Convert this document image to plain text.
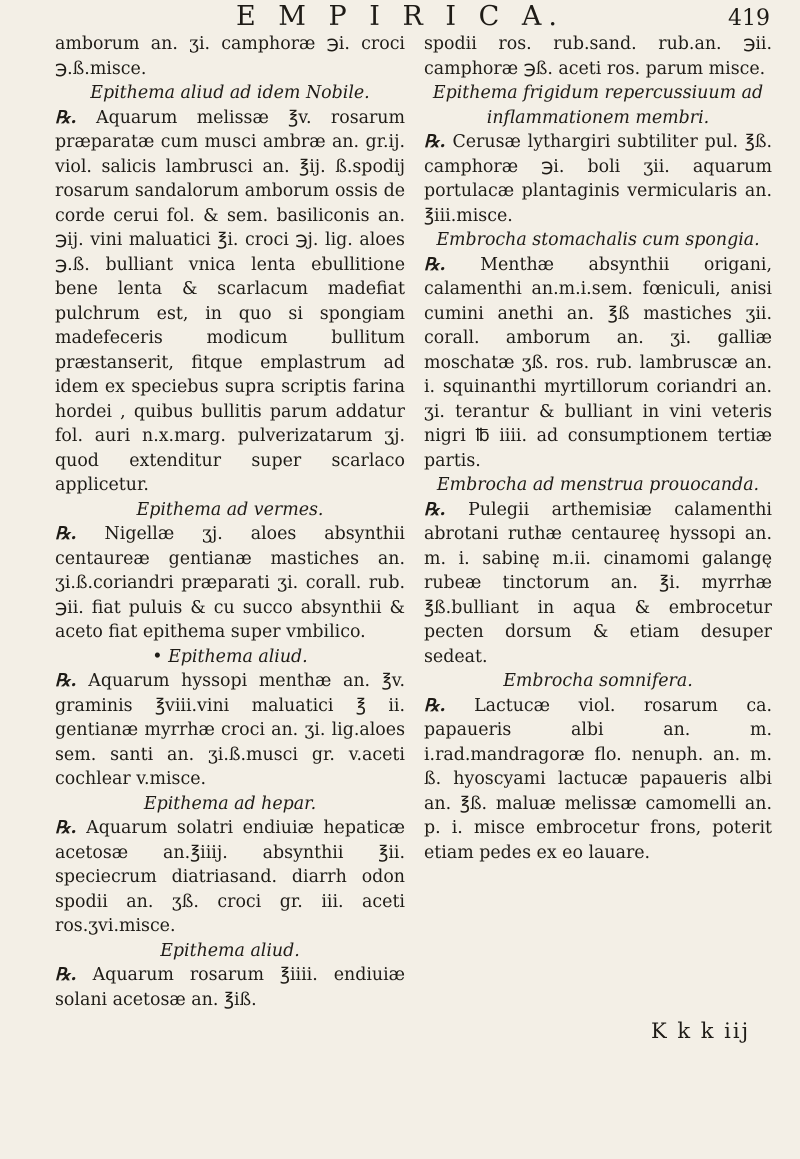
E M P I R I C A.	419

amborum an. ʒi. camphoræ ℈i. croci ℈.ß.misce.

Epithema aliud ad idem Nobile.

℞. Aquarum melissæ ℥v. rosarum præparatæ cum musci ambræ an. gr.ij. viol. salicis lambrusci an. ℥ij. ß.spodij rosarum sandalorum amborum ossis de corde cerui fol. & sem. basiliconis an. ℈ij. vini maluatici ℥i. croci ℈j. lig. aloes ℈.ß. bulliant vnica lenta ebullitione bene lenta & scarlacum madefiat pulchrum est, in quo si spongiam madefeceris modicum bullitum præstanserit, fitque emplastrum ad idem ex speciebus supra scriptis farina hordei , quibus bullitis parum addatur fol. auri n.x.marg. pulverizatarum ʒj. quod extenditur super scarlaco applicetur.

Epithema ad vermes.

℞. Nigellæ ʒj. aloes absynthii centaureæ gentianæ mastiches an. ʒi.ß.coriandri præparati ʒi. corall. rub. ℈ii. fiat puluis & cu succo absynthii & aceto fiat epithema super vmbilico.

• Epithema aliud.

℞. Aquarum hyssopi menthæ an. ℥v. graminis ℥viii.vini maluatici ℥ ii. gentianæ myrrhæ croci an. ʒi. lig.aloes sem. santi an. ʒi.ß.musci gr. v.aceti cochlear v.misce.

Epithema ad hepar.

℞. Aquarum solatri endiuiæ hepaticæ acetosæ an.℥iiij. absynthii ℥ii. speciecrum diatriasand. diarrh odon spodii an. ʒß. croci gr. iii. aceti ros.ʒvi.misce.

Epithema aliud.

℞. Aquarum rosarum ℥iiii. endiuiæ solani acetosæ an. ℥iß.

spodii ros. rub.sand. rub.an. ℈ii. camphoræ ℈ß. aceti ros. parum misce.

Epithema frigidum repercussiuum ad inflammationem membri.

℞. Cerusæ lythargiri subtiliter pul. ℥ß. camphoræ ℈i. boli ʒii. aquarum portulacæ plantaginis vermicularis an. ℥iii.misce.

Embrocha stomachalis cum spongia.

℞. Menthæ absynthii origani, calamenthi an.m.i.sem. fœniculi, anisi cumini anethi an. ℥ß mastiches ʒii. corall. amborum an. ʒi. galliæ moschatæ ʒß. ros. rub. lambruscæ an. i. squinanthi myrtillorum coriandri an. ʒi. terantur & bulliant in vini veteris nigri ℔ iiii. ad consumptionem tertiæ partis.

Embrocha ad menstrua prouocanda.

℞. Pulegii arthemisiæ calamenthi abrotani ruthæ centaureę hyssopi an. m. i. sabinę m.ii. cinamomi galangę rubeæ tinctorum an. ℥i. myrrhæ ℥ß.bulliant in aqua & embrocetur pecten dorsum & etiam desuper sedeat.

Embrocha somnifera.

℞. Lactucæ viol. rosarum ca. papaueris albi an. m. i.rad.mandragoræ flo. nenuph. an. m. ß. hyoscyami lactucæ papaueris albi an. ℥ß. maluæ melissæ camomelli an. p. i. misce embrocetur frons, poterit etiam pedes ex eo lauare.

K k k iij
